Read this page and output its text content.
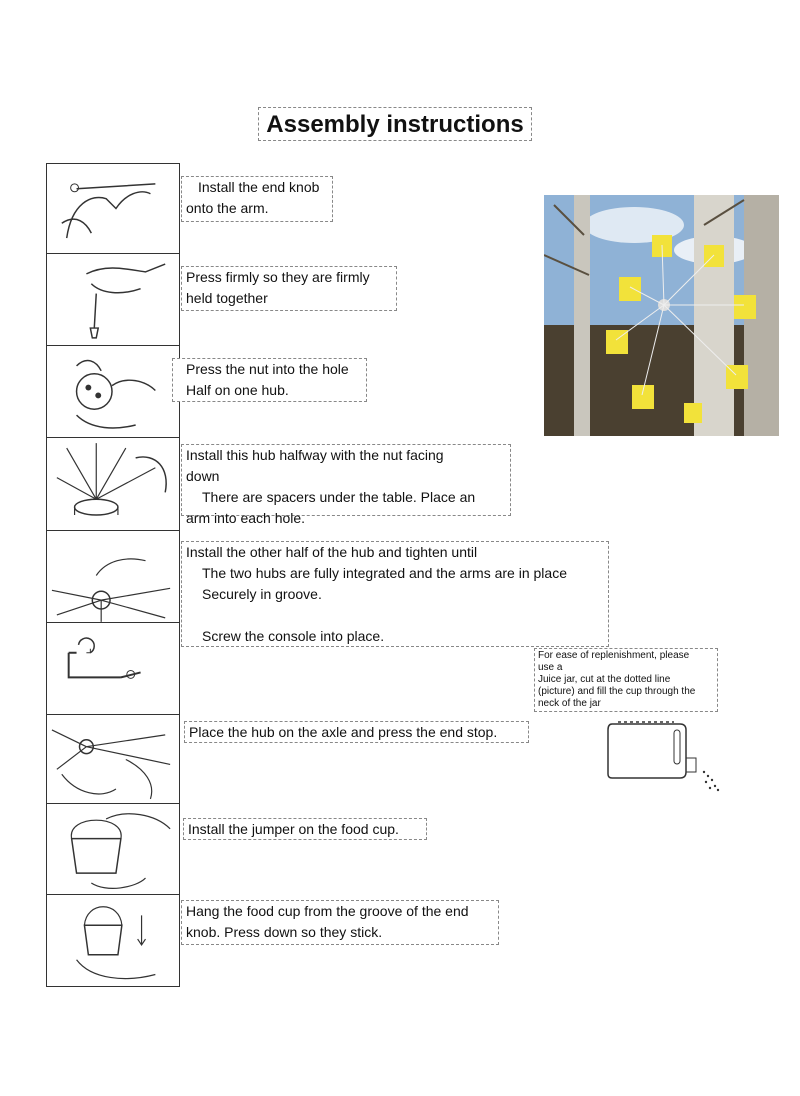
Assembly instructions

Install the end knob

onto the arm.

Press firmly so they are firmly

held together

Press the nut into the hole

Half on one hub.

Install this hub halfway with the nut facing

down

There are spacers under the table. Place an

arm into each hole.

Install the other half of the hub and tighten until

The two hubs are fully integrated and the arms are in place

Securely in groove.

Screw the console into place.

Place the hub on the axle and press the end stop.

Install the jumper on the food cup.

Hang the food cup from the groove of the end

knob. Press down so they stick.

For ease of replenishment, please
use a
Juice jar, cut at the dotted line
(picture) and fill the cup through the
neck of the jar
